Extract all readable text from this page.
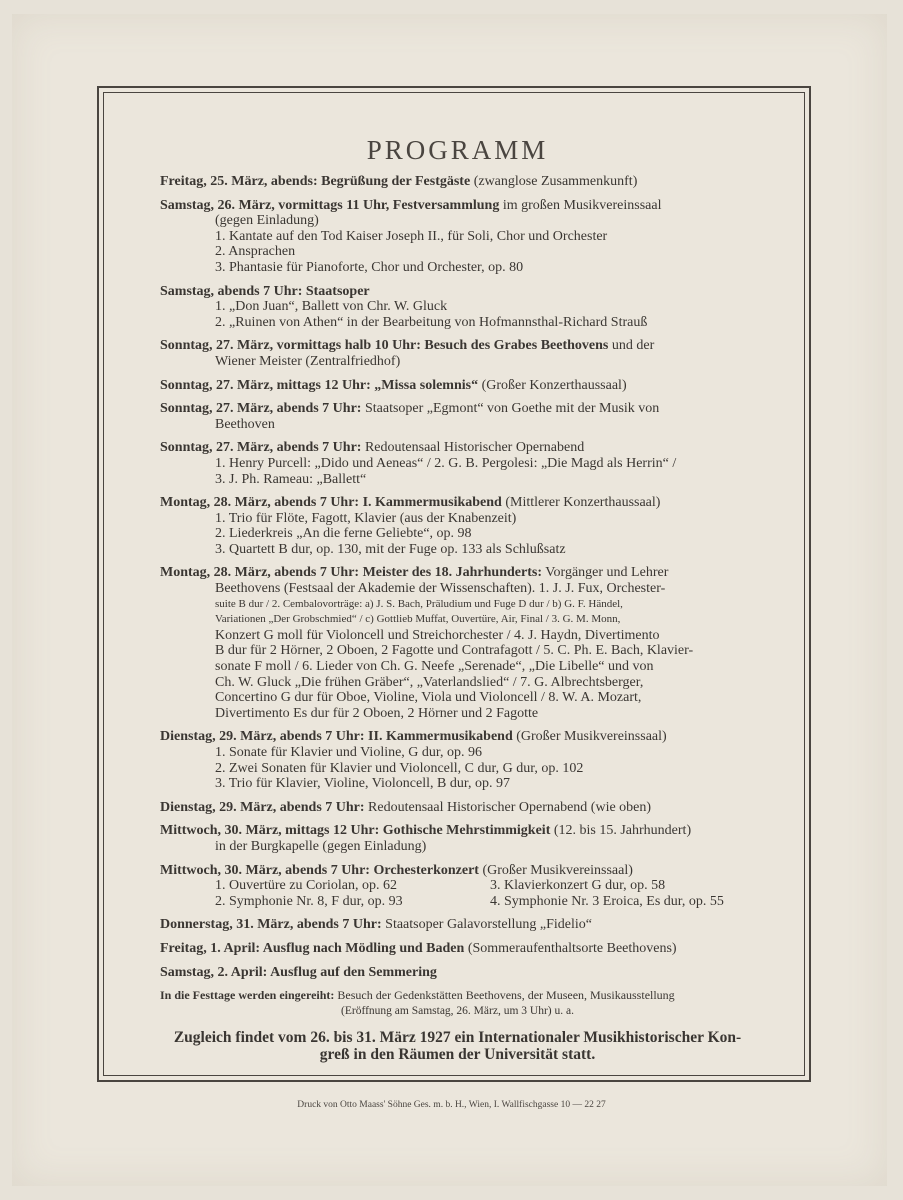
PROGRAMM
Freitag, 25. März, abends: Begrüßung der Festgäste (zwanglose Zusammenkunft)
Samstag, 26. März, vormittags 11 Uhr, Festversammlung im großen Musikvereinssaal
(gegen Einladung)
1. Kantate auf den Tod Kaiser Joseph II., für Soli, Chor und Orchester
2. Ansprachen
3. Phantasie für Pianoforte, Chor und Orchester, op. 80
Samstag, abends 7 Uhr: Staatsoper
1. „Don Juan“, Ballett von Chr. W. Gluck
2. „Ruinen von Athen“ in der Bearbeitung von Hofmannsthal-Richard Strauß
Sonntag, 27. März, vormittags halb 10 Uhr: Besuch des Grabes Beethovens und der
Wiener Meister (Zentralfriedhof)
Sonntag, 27. März, mittags 12 Uhr: „Missa solemnis“ (Großer Konzerthaussaal)
Sonntag, 27. März, abends 7 Uhr: Staatsoper „Egmont“ von Goethe mit der Musik von
Beethoven
Sonntag, 27. März, abends 7 Uhr: Redoutensaal Historischer Opernabend
1. Henry Purcell: „Dido und Aeneas“ / 2. G. B. Pergolesi: „Die Magd als Herrin“ /
3. J. Ph. Rameau: „Ballett“
Montag, 28. März, abends 7 Uhr: I. Kammermusikabend (Mittlerer Konzerthaussaal)
1. Trio für Flöte, Fagott, Klavier (aus der Knabenzeit)
2. Liederkreis „An die ferne Geliebte“, op. 98
3. Quartett B dur, op. 130, mit der Fuge op. 133 als Schlußsatz
Montag, 28. März, abends 7 Uhr: Meister des 18. Jahrhunderts: Vorgänger und Lehrer
Beethovens (Festsaal der Akademie der Wissenschaften). 1. J. J. Fux, Orchester-
suite B dur / 2. Cembalovorträge: a) J. S. Bach, Präludium und Fuge D dur / b) G. F. Händel,
Variationen „Der Grobschmied“ / c) Gottlieb Muffat, Ouvertüre, Air, Final / 3. G. M. Monn,
Konzert G moll für Violoncell und Streichorchester / 4. J. Haydn, Divertimento
B dur für 2 Hörner, 2 Oboen, 2 Fagotte und Contrafagott / 5. C. Ph. E. Bach, Klavier-
sonate F moll / 6. Lieder von Ch. G. Neefe „Serenade“, „Die Libelle“ und von
Ch. W. Gluck „Die frühen Gräber“, „Vaterlandslied“ / 7. G. Albrechtsberger,
Concertino G dur für Oboe, Violine, Viola und Violoncell / 8. W. A. Mozart,
Divertimento Es dur für 2 Oboen, 2 Hörner und 2 Fagotte
Dienstag, 29. März, abends 7 Uhr: II. Kammermusikabend (Großer Musikvereinssaal)
1. Sonate für Klavier und Violine, G dur, op. 96
2. Zwei Sonaten für Klavier und Violoncell, C dur, G dur, op. 102
3. Trio für Klavier, Violine, Violoncell, B dur, op. 97
Dienstag, 29. März, abends 7 Uhr: Redoutensaal Historischer Opernabend (wie oben)
Mittwoch, 30. März, mittags 12 Uhr: Gothische Mehrstimmigkeit (12. bis 15. Jahrhundert)
in der Burgkapelle (gegen Einladung)
Mittwoch, 30. März, abends 7 Uhr: Orchesterkonzert (Großer Musikvereinssaal)
1. Ouvertüre zu Coriolan, op. 62
2. Symphonie Nr. 8, F dur, op. 93
3. Klavierkonzert G dur, op. 58
4. Symphonie Nr. 3 Eroica, Es dur, op. 55
Donnerstag, 31. März, abends 7 Uhr: Staatsoper Galavorstellung „Fidelio“
Freitag, 1. April: Ausflug nach Mödling und Baden (Sommeraufenthaltsorte Beethovens)
Samstag, 2. April: Ausflug auf den Semmering
In die Festtage werden eingereiht: Besuch der Gedenkstätten Beethovens, der Museen, Musikausstellung
(Eröffnung am Samstag, 26. März, um 3 Uhr) u. a.
Zugleich findet vom 26. bis 31. März 1927 ein Internationaler Musikhistorischer Kon-
greß in den Räumen der Universität statt.
Druck von Otto Maass' Söhne Ges. m. b. H., Wien, I. Wallfischgasse 10 — 22 27
